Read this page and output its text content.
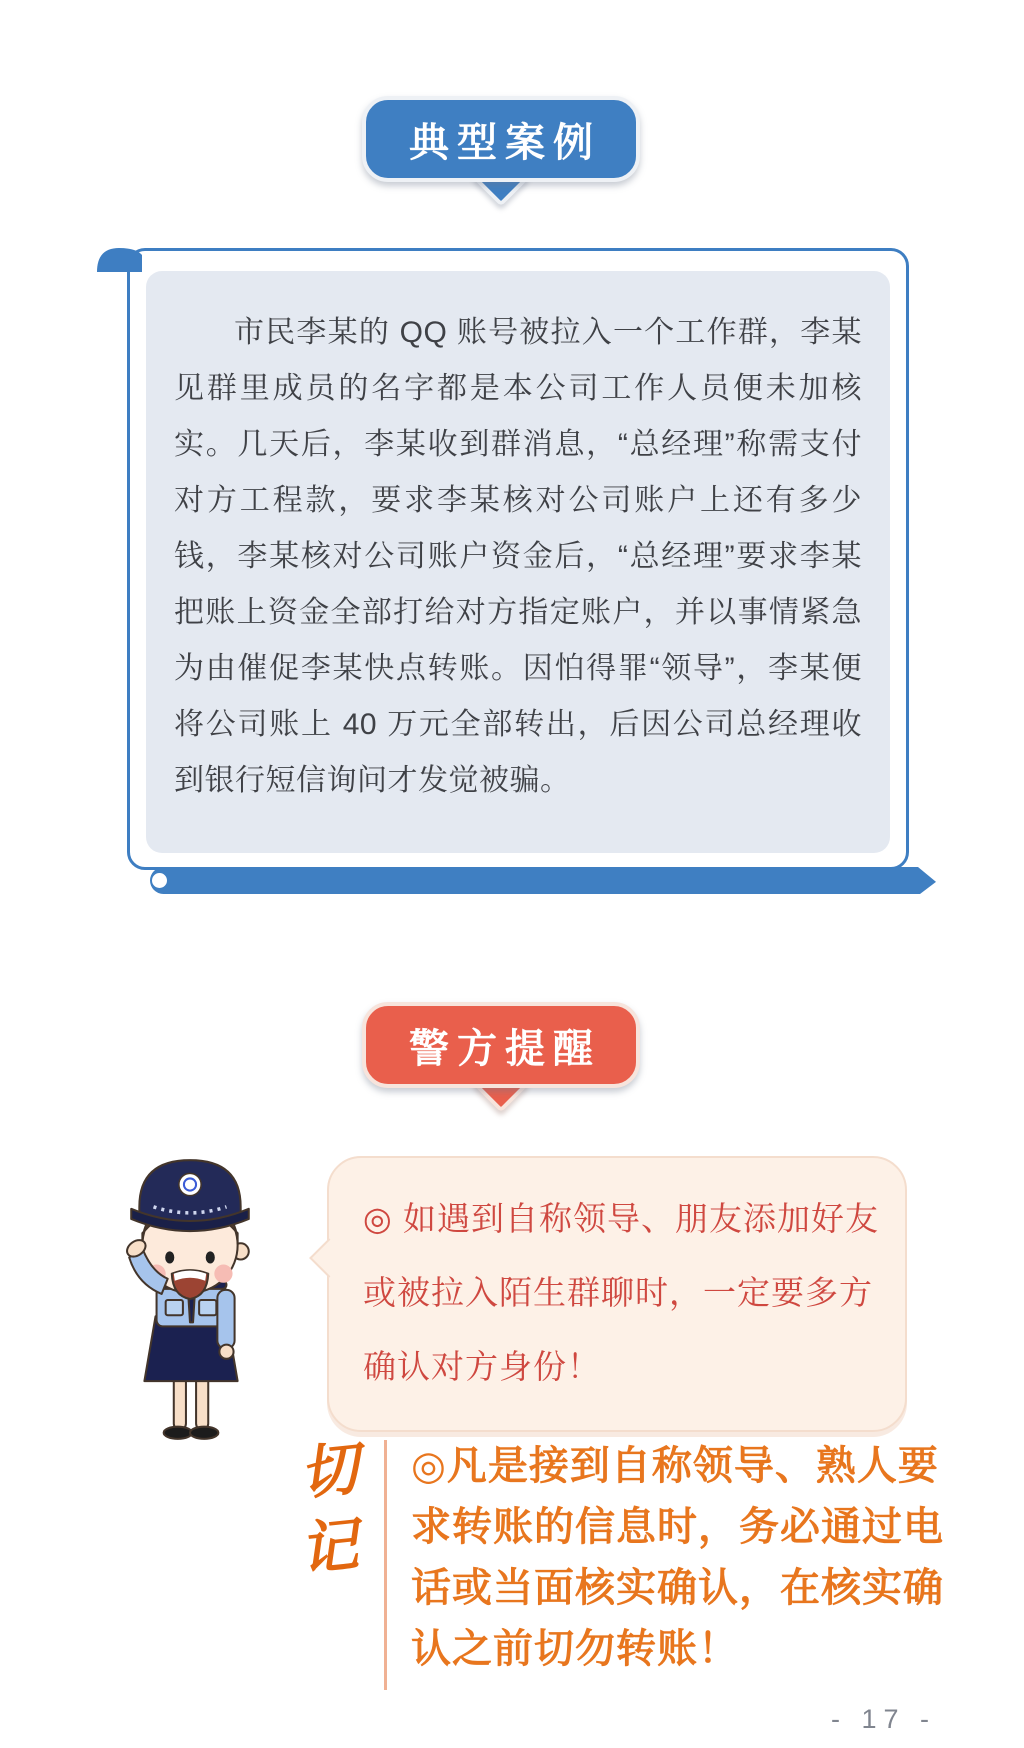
典型案例

市民李某的 QQ 账号被拉入一个工作群，李某见群里成员的名字都是本公司工作人员便未加核实。几天后，李某收到群消息，“总经理”称需支付对方工程款，要求李某核对公司账户上还有多少钱，李某核对公司账户资金后，“总经理”要求李某把账上资金全部打给对方指定账户，并以事情紧急为由催促李某快点转账。因怕得罪“领导”，李某便将公司账上 40 万元全部转出，后因公司总经理收到银行短信询问才发觉被骗。

警方提醒
◎ 如遇到自称领导、朋友添加好友
或被拉入陌生群聊时，一定要多方
确认对方身份！
切
记
◎凡是接到自称领导、熟人要
求转账的信息时，务必通过电
话或当面核实确认，在核实确
认之前切勿转账！
- 17 -
